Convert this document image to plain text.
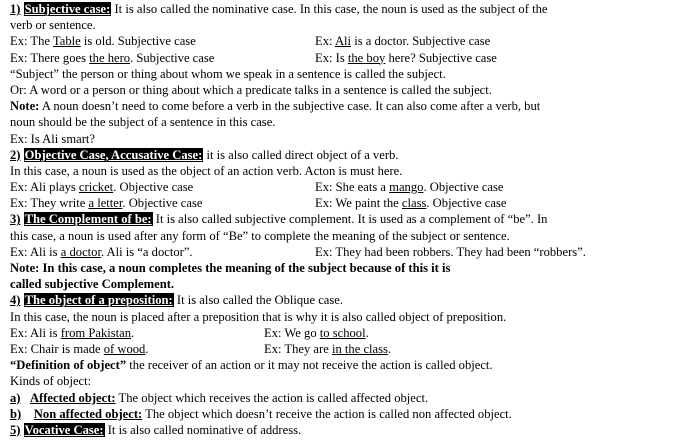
1) Subjective case: It is also called the nominative case. In this case, the noun is used as the subject of the
verb or sentence.
Ex: The Table is old. Subjective case	Ex: Ali is a doctor. Subjective case
Ex: There goes the hero. Subjective case	Ex: Is the boy here? Subjective case
“Subject” the person or thing about whom we speak in a sentence is called the subject.
Or: A word or a person or thing about which a predicate talks in a sentence is called the subject.
Note: A noun doesn’t need to come before a verb in the subjective case. It can also come after a verb, but
noun should be the subject of a sentence in this case.
Ex: Is Ali smart?
2) Objective Case, Accusative Case: it is also called direct object of a verb.
In this case, a noun is used as the object of an action verb. Acton is must here.
Ex: Ali plays cricket. Objective case	Ex: She eats a mango. Objective case
Ex: They write a letter. Objective case	Ex: We paint the class. Objective case
3) The Complement of be: It is also called subjective complement. It is used as a complement of “be”. In
this case, a noun is used after any form of “Be” to complete the meaning of the subject or sentence.
Ex: Ali is a doctor. Ali is “a doctor”.	Ex: They had been robbers. They had been “robbers”.
Note: In this case, a noun completes the meaning of the subject because of this it is
called subjective Complement.
4) The object of a preposition: It is also called the Oblique case.
In this case, the noun is placed after a preposition that is why it is also called object of preposition.
Ex: Ali is from Pakistan.	Ex: We go to school.
Ex: Chair is made of wood.	Ex: They are in the class.
“Definition of object” the receiver of an action or it may not receive the action is called object.
Kinds of object:
a) Affected object: The object which receives the action is called affected object.
b) Non affected object: The object which doesn’t receive the action is called non affected object.
5) Vocative Case: It is also called nominative of address.
